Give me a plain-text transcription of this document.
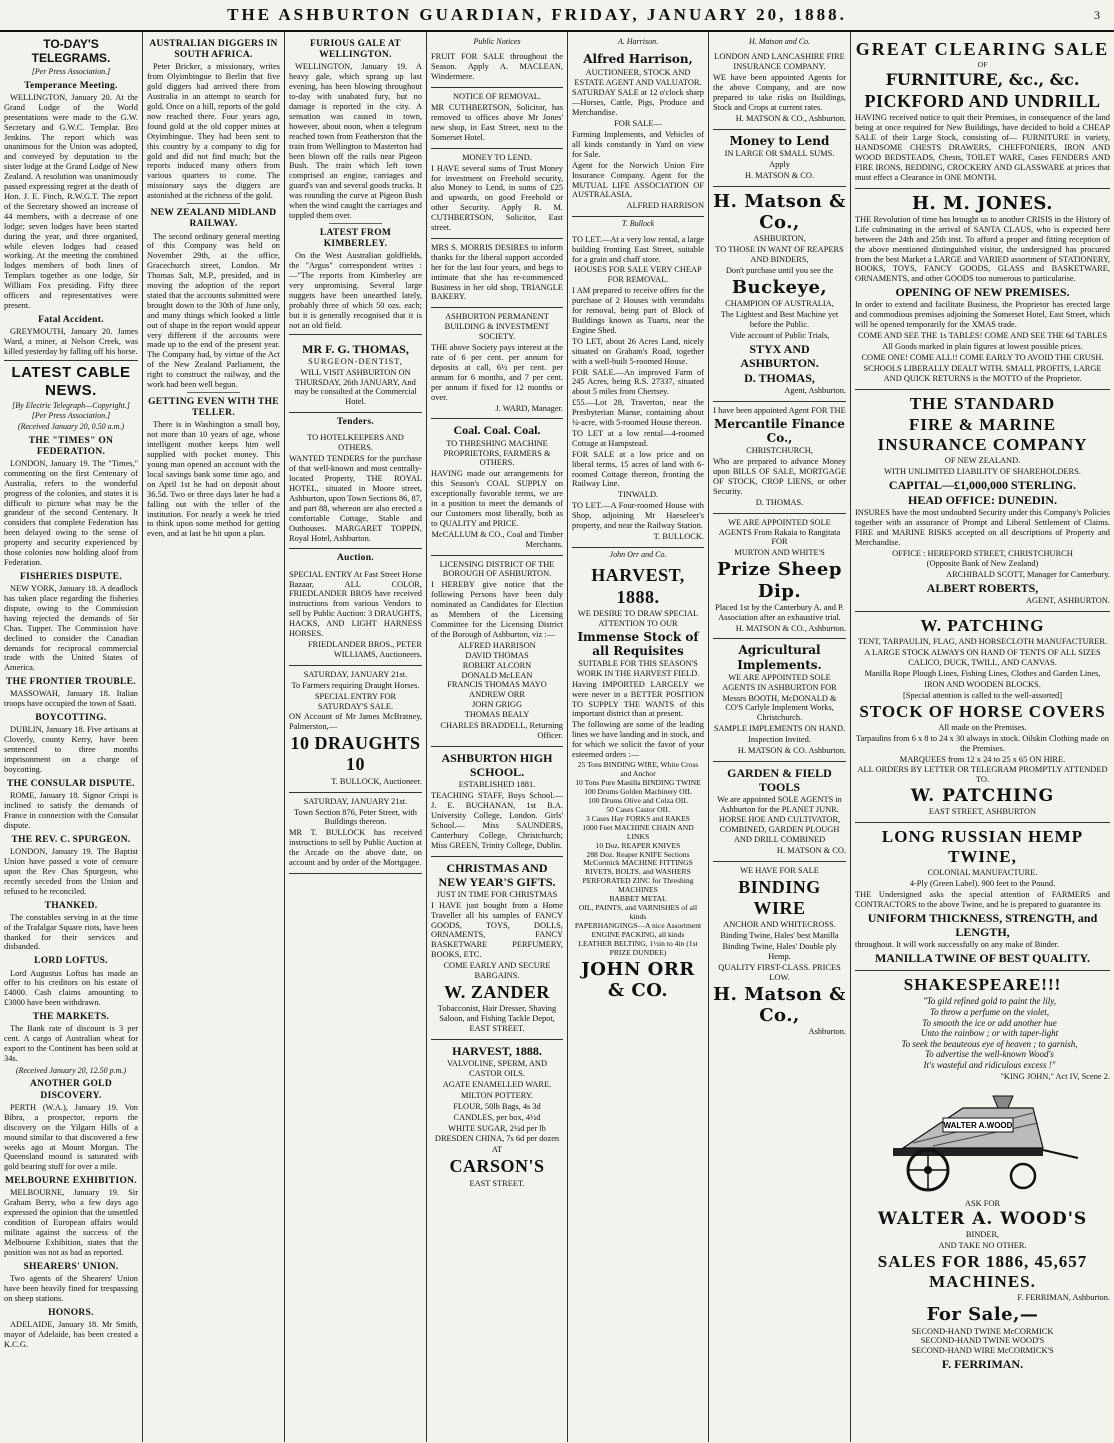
THE ASHBURTON GUARDIAN, FRIDAY, JANUARY 20, 1888.	3
TO-DAY'S TELEGRAMS.
[Per Press Association.]
Temperance Meeting.

WELLINGTON, January 20. At the Grand Lodge of the World presentations were made to the G.W. Secretary and G.W.C. Templar. Bro Jenkins. The report which was unanimous for the Union was adopted, and conveyed by deputation to the sister lodge at the Grand Lodge of New Zealand. A resolution was unanimously passed expressing regret at the death of Hon. J. E. Finch, R.W.G.T. The report of the Secretary showed an increase of 44 members, with a decrease of one lodge; seven lodges have been started during the year, and three organised, while eleven lodges had ceased working. At the meeting the combined lodges members of both lines of Templars together as one lodge, Sir William Fox presiding. Fifty three officers and representatives were present.

Fatal Accident.

GREYMOUTH, January 20. James Ward, a miner, at Nelson Creek, was killed yesterday by falling off his horse.

LATEST CABLE NEWS.
[By Electric Telegraph—Copyright.] [Per Press Association.]
(Received January 20, 0.50 a.m.)
THE "TIMES" ON FEDERATION.

LONDON, January 19. The "Times," commenting on the first Centenary of Australia, refers to the wonderful progress of the colonies, and states it is difficult to picture what may be the grandeur of the second Centenary. It considers that complete Federation has been delayed owing to the sense of property and security experienced by those colonies now holding aloof from Federation.

FISHERIES DISPUTE.

NEW YORK, January 18. A deadlock has taken place regarding the fisheries dispute, owing to the Commission having rejected the demands of Sir Chas. Tupper. The Commission have declined to consider the Canadian demands for reciprocal commercial trade with the United States of America.

THE FRONTIER TROUBLE.

MASSOWAH, January 18. Italian troops have occupied the town of Saati.

BOYCOTTING.

DUBLIN, January 18. Five artisans at Cloverly, county Kerry, have been sentenced to three months imprisonment on a charge of boycotting.

THE CONSULAR DISPUTE.

ROME, January 18. Signor Crispi is inclined to satisfy the demands of France in connection with the Consular dispute.

THE REV. C. SPURGEON.

LONDON, January 19. The Baptist Union have passed a vote of censure upon the Rev Chas Spurgeon, who recently seceded from the Union and refused to be reconciled.

THANKED.

The constables serving in at the time of the Trafalgar Square riots, have been thanked for their services and disbanded.

LORD LOFTUS.

Lord Augustus Loftus has made an offer to his creditors on his estate of £4000. Cash claims amounting to £3000 have been withdrawn.

THE MARKETS.

The Bank rate of discount is 3 per cent. A cargo of Australian wheat for export to the Continent has been sold at 34s.

(Received January 20, 12.50 p.m.)
ANOTHER GOLD DISCOVERY.

PERTH (W.A.), January 19. Von Bibra, a prospector, reports the discovery on the Yilgarn Hills of a mound similar to that discovered a few weeks ago at Mount Morgan. The Queensland mound is saturated with gold bearing stuff for over a mile.

MELBOURNE EXHIBITION.

MELBOURNE, January 19. Sir Graham Berry, who a few days ago expressed the opinion that the unsettled condition of European affairs would militate against the success of the Melbourne Exhibition, states that the position was not as bad as reported.

SHEARERS' UNION.

Two agents of the Shearers' Union have been heavily fined for trespassing on sheep stations.

HONORS.

ADELAIDE, January 18. Mr Smith, mayor of Adelaide, has been created a K.C.G.

AUSTRALIAN DIGGERS IN SOUTH AFRICA.

Peter Bricker, a missionary, writes from Olyimbingue to Berlin that five gold diggers had arrived there from Australia in an attempt to search for gold. Once on a hill, reports of the gold now reached there. Four years ago, found gold at the old copper mines at Otyimbingue. They had been sent to this country by a company to dig for gold and did not find much; but the reports induced many others from various quarters to come. The missionary says the diggers are astonished at the richness of the gold.

NEW ZEALAND MIDLAND RAILWAY.

The second ordinary general meeting of this Company was held on November 29th, at the office, Gracechurch street, London. Mr Thomas Salt, M.P., presided, and in moving the adoption of the report stated that the accounts submitted were brought down to the 30th of June only, and many things which looked a little out of shape in the report would appear very different if the accounts were made up to the end of the present year. The Company had, by virtue of the Act of the New Zealand Parliament, the right to construct the railway, and the work had been well begun.

GETTING EVEN WITH THE TELLER.

There is in Washington a small boy, not more than 10 years of age, whose intelligent mother keeps him well supplied with pocket money. This young man opened an account with the local savings bank some time ago, and on April 1st he had on deposit about 36.5d. Two or three days later he had a falling out with the teller of the institution. For nearly a week he tried to think upon some method for getting even, and at last he hit upon a plan.

FURIOUS GALE AT WELLINGTON.

WELLINGTON, January 19. A heavy gale, which sprang up last evening, has been blowing throughout to-day with unabated fury, but no damage is reported in the city. A sensation was caused in town, however, about noon, when a telegram reached town from Featherston that the train from Wellington to Masterton had been blown off the rails near Pigeon Bush. The train which left town comprised an engine, carriages and guard's van and several goods trucks. It was rounding the curve at Pigeon Bush when the wind caught the carriages and toppled them over.

LATEST FROM KIMBERLEY.

On the West Australian goldfields, the "Argus" correspondent writes :—"The reports from Kimberley are very unpromising. Several large nuggets have been unearthed lately, probably three of which 50 ozs. each; but it is generally recognised that it is not an old field.

MR F. G. THOMAS,

SURGEON-DENTIST,

WILL VISIT ASHBURTON ON THURSDAY, 26th JANUARY, And may be consulted at the Commercial Hotel.

Tenders.

TO HOTELKEEPERS AND OTHERS.

WANTED TENDERS for the purchase of that well-known and most centrally-located Property, THE ROYAL HOTEL, situated in Moore street, Ashburton, upon Town Sections 86, 87, and part 88, whereon are also erected a comfortable Cottage, Stable and Outhouses. MARGARET TOPPIN, Royal Hotel, Ashburton.

Auction.

SPECIAL ENTRY At Fast Street Horse Bazaar, ALL COLOR, FRIEDLANDER BROS have received instructions from various Vendors to sell by Public Auction: 3 DRAUGHTS, HACKS, AND LIGHT HARNESS HORSES.

FRIEDLANDER BROS., PETER WILLIAMS, Auctioneers.

SATURDAY, JANUARY 21st.

To Farmers requiring Draught Horses.

SPECIAL ENTRY FOR SATURDAY'S SALE.

ON Account of Mr James McBratney, Palmerston,—

10 DRAUGHTS 10

T. BULLOCK, Auctioneer.

SATURDAY, JANUARY 21st.

Town Section 876, Peter Street, with Buildings thereon.

MR T. BULLOCK has received instructions to sell by Public Auction at the Arcade on the above date, on account and by order of the Mortgagee.

Public Notices

FRUIT FOR SALE throughout the Season. Apply A. MACLEAN, Windermere.

NOTICE OF REMOVAL.

MR CUTHBERTSON, Solicitor, has removed to offices above Mr Jones' new shop, in East Street, next to the Somerset Hotel.

MONEY TO LEND.

I HAVE several sums of Trust Money for investment on Freehold security, also Money to Lend, in sums of £25 and upwards, on good Freehold or other Security. Apply R. M. CUTHBERTSON, Solicitor, East street.

MRS S. MORRIS DESIRES to inform thanks for the liberal support accorded her for the last four years, and begs to intimate that she has re-commenced Business in her old shop, TRIANGLE BAKERY.

ASHBURTON PERMANENT BUILDING & INVESTMENT SOCIETY.

THE above Society pays interest at the rate of 6 per cent. per annum for deposits at call, 6½ per cent. per annum for 6 months, and 7 per cent. per annum if fixed for 12 months or over.

J. WARD, Manager.

Coal. Coal. Coal.

TO THRESHING MACHINE PROPRIETORS, FARMERS & OTHERS.

HAVING made our arrangements for this Season's COAL SUPPLY on exceptionally favorable terms, we are in a position to meet the demands of our Customers most liberally, both as to QUALITY and PRICE.

McCALLUM & CO., Coal and Timber Merchants.

LICENSING DISTRICT OF THE BOROUGH OF ASHBURTON.

I HEREBY give notice that the following Persons have been duly nominated as Candidates for Election as Members of the Licensing Committee for the Licensing District of the Borough of Ashburton, viz :—

ALFRED HARRISON

DAVID THOMAS

ROBERT ALCORN

DONALD McLEAN

FRANCIS THOMAS MAYO

ANDREW ORR

JOHN GRIGG

THOMAS BEALY

CHARLES BRADDELL, Returning Officer.

ASHBURTON HIGH SCHOOL.

ESTABLISHED 1881.

TEACHING STAFF, Boys School.— J. E. BUCHANAN, 1st B.A. University College, London. Girls' School.— Miss SAUNDERS, Canterbury College, Christchurch; Miss GREEN, Trinity College, Dublin.

CHRISTMAS AND NEW YEAR'S GIFTS.

JUST IN TIME FOR CHRISTMAS

I HAVE just bought from a Home Traveller all his samples of FANCY GOODS, TOYS, DOLLS, ORNAMENTS, FANCY BASKETWARE PERFUMERY, BOOKS, ETC.

COME EARLY AND SECURE BARGAINS.

W. ZANDER

Tobacconist, Hair Dresser, Shaving Saloon, and Fishing Tackle Depot, EAST STREET.

HARVEST, 1888.

VALVOLINE, SPERM, AND CASTOR OILS.

AGATE ENAMELLED WARE.

MILTON POTTERY.

FLOUR, 50lb Bags, 4s 3d

CANDLES, per box, 4½d

WHITE SUGAR, 2¼d per lb

DRESDEN CHINA, 7s 6d per dozen

AT

CARSON'S

EAST STREET.

A. Harrison.

Alfred Harrison,

AUCTIONEER, STOCK AND ESTATE AGENT AND VALUATOR.

SATURDAY SALE at 12 o'clock sharp —Horses, Cattle, Pigs, Produce and Merchandise.

FOR SALE—

Farming Implements, and Vehicles of all kinds constantly in Yard on view for Sale.

Agent for the Norwich Union Fire Insurance Company. Agent for the MUTUAL LIFE ASSOCIATION OF AUSTRALASIA.

ALFRED HARRISON

T. Bullock

TO LET.—At a very low rental, a large building fronting East Street, suitable for a grain and chaff store.

HOUSES FOR SALE VERY CHEAP FOR REMOVAL.

I AM prepared to receive offers for the purchase of 2 Houses with verandahs for removal, being part of Block of Buildings known as Tuarts, near the Engine Shed.

TO LET, about 26 Acres Land, nicely situated on Graham's Road, together with a well-built 5-roomed House.

FOR SALE.—An improved Farm of 245 Acres, being R.S. 27337, situated about 5 miles from Chertsey.

£55.—Lot 28, Traverton, near the Presbyterian Manse, containing about ¼-acre, with 5-roomed House thereon.

TO LET at a low rental—4-roomed Cottage at Hampstead.

FOR SALE at a low price and on liberal terms, 15 acres of land with 6-roomed Cottage thereon, fronting the Railway Line.

TINWALD.

TO LET.—A Four-roomed House with Shop, adjoining Mr Haeseleer's property, and near the Railway Station.

T. BULLOCK.

John Orr and Co.

HARVEST, 1888.

WE DESIRE TO DRAW SPECIAL ATTENTION TO OUR

Immense Stock of all Requisites

SUITABLE FOR THIS SEASON'S WORK IN THE HARVEST FIELD.

Having IMPORTED LARGELY we were never in a BETTER POSITION TO SUPPLY THE WANTS of this important district than at present.

The following are some of the leading lines we have landing and in stock, and for which we solicit the favor of your esteemed orders :—

25 Tons BINDING WIRE, White Cross and Anchor

10 Tons Pure Manilla BINDING TWINE

100 Drums Golden Machinery OIL

100 Drums Olive and Colza OIL

50 Cases Castor OIL

3 Cases Hay FORKS and RAKES

1000 Feet MACHINE CHAIN AND LINKS

10 Doz. REAPER KNIVES

288 Doz. Reaper KNIFE Sections

McCormick MACHINE FITTINGS

RIVETS, BOLTS, and WASHERS

PERFORATED ZINC for Threshing MACHINES

BABBET METAL

OIL, PAINTS, and VARNISHES of all kinds

PAPERHANGINGS—A nice Assortment

ENGINE PACKING, all kinds

LEATHER BELTING, 1½in to 4in (1st PRIZE DUNDEE)

JOHN ORR & CO.

H. Matson and Co.

LONDON AND LANCASHIRE FIRE INSURANCE COMPANY.

WE have been appointed Agents for the above Company, and are now prepared to take risks on Buildings, Stock and Crops at current rates.

H. MATSON & CO., Ashburton.

Money to Lend

IN LARGE OR SMALL SUMS.

Apply

H. MATSON & CO.

H. Matson & Co.,

ASHBURTON,

TO THOSE IN WANT OF REAPERS AND BINDERS,

Don't purchase until you see the

Buckeye,

CHAMPION OF AUSTRALIA,

The Lightest and Best Machine yet before the Public.

Vide account of Public Trials,

STYX AND ASHBURTON.

D. THOMAS,

Agent, Ashburton.

I have been appointed Agent FOR THE

Mercantile Finance Co.,

CHRISTCHURCH,

Who are prepared to advance Money upon BILLS OF SALE, MORTGAGE OF STOCK, CROP LIENS, or other Security.

D. THOMAS.

WE ARE APPOINTED SOLE AGENTS From Rakaia to Rangitata FOR

MURTON AND WHITE'S

Prize Sheep Dip.

Placed 1st by the Canterbury A. and P. Association after an exhaustive trial.

H. MATSON & CO., Ashburton.

Agricultural Implements.

WE ARE APPOINTED SOLE AGENTS IN ASHBURTON FOR

Messrs BOOTH, McDONALD & CO'S Carlyle Implement Works, Christchurch.

SAMPLE IMPLEMENTS ON HAND.

Inspection Invited.

H. MATSON & CO. Ashburton.

GARDEN & FIELD TOOLS

We are appointed SOLE AGENTS in Ashburton for the PLANET JUNR. HORSE HOE AND CULTIVATOR, COMBINED, GARDEN PLOUGH AND DRILL COMBINED

H. MATSON & CO.

WE HAVE FOR SALE

BINDING WIRE

ANCHOR AND WHITECROSS.

Binding Twine, Hales' best Manilla

Binding Twine, Hales' Double ply Hemp.

QUALITY FIRST-CLASS. PRICES LOW.

H. Matson & Co.,

Ashburton.

GREAT CLEARING SALE

OF

FURNITURE, &c., &c.

PICKFORD AND UNDRILL

HAVING received notice to quit their Premises, in consequence of the land being at once required for New Buildings, have decided to hold a CHEAP SALE of their Large Stock, consisting of— FURNITURE in variety, HANDSOME CHESTS DRAWERS, CHEFFONIERS, IRON AND WOOD BEDSTEADS, Chests, TOILET WARE, Cases FENDERS AND FIRE IRONS, BEDDING, CROCKERY AND GLASSWARE at prices that must effect a Clearance in ONE MONTH.

H. M. JONES.

THE Revolution of time has brought us to another CRISIS in the History of Life culminating in the arrival of SANTA CLAUS, who is expected here between the 24th and 25th inst. To afford a proper and fitting reception of the above mentioned distinguished visitor, the undersigned has procured from the best Market a LARGE and VARIED assortment of STATIONERY, BOOKS, TOYS, FANCY GOODS, GLASS and BASKETWARE, ORNAMENTS, and other GOODS too numerous to particularise.

OPENING OF NEW PREMISES.

In order to extend and facilitate Business, the Proprietor has erected large and commodious premises adjoining the Somerset Hotel, East Street, which will be opened temporarily for the XMAS trade.

COME AND SEE THE 1s TABLES! COME AND SEE THE 6d TABLES

All Goods marked in plain figures at lowest possible prices.

COME ONE! COME ALL!! COME EARLY TO AVOID THE CRUSH.

SCHOOLS LIBERALLY DEALT WITH. SMALL PROFITS, LARGE AND QUICK RETURNS is the MOTTO of the Proprietor.

THE STANDARD

FIRE & MARINE INSURANCE COMPANY

OF NEW ZEALAND.

WITH UNLIMITED LIABILITY OF SHAREHOLDERS.

CAPITAL—£1,000,000 STERLING.

HEAD OFFICE: DUNEDIN.

INSURES have the most undoubted Security under this Company's Policies together with an assurance of Prompt and Liberal Settlement of Claims. FIRE and MARINE RISKS accepted on all descriptions of Property and Merchandise.

OFFICE : HEREFORD STREET, CHRISTCHURCH

(Opposite Bank of New Zealand)

ARCHIBALD SCOTT, Manager for Canterbury.

ALBERT ROBERTS,

AGENT, ASHBURTON.

W. PATCHING

TENT, TARPAULIN, FLAG, AND HORSECLOTH MANUFACTURER.

A LARGE STOCK ALWAYS ON HAND OF TENTS OF ALL SIZES CALICO, DUCK, TWILL, AND CANVAS.

Manilla Rope Plough Lines, Fishing Lines, Clothes and Garden Lines,

IRON AND WOODEN BLOCKS.

[Special attention is called to the well-assorted]

STOCK OF HORSE COVERS

All made on the Premises.

Tarpaulins from 6 x 8 to 24 x 30 always in stock. Oilskin Clothing made on the Premises.

MARQUEES from 12 x 24 to 25 x 65 ON HIRE.

ALL ORDERS BY LETTER OR TELEGRAM PROMPTLY ATTENDED TO.

W. PATCHING

EAST STREET, ASHBURTON

LONG RUSSIAN HEMP TWINE,

COLONIAL MANUFACTURE.

4-Ply (Green Label). 900 feet to the Pound.

THE Undersigned asks the special attention of FARMERS and CONTRACTORS to the above Twine, and he is prepared to guarantee its

UNIFORM THICKNESS, STRENGTH, and LENGTH,

throughout. It will work successfully on any make of Binder.

MANILLA TWINE OF BEST QUALITY.

SHAKESPEARE!!!

"To gild refined gold to paint the lily,

To throw a perfume on the violet,

To smooth the ice or add another hue

Unto the rainbow ; or with taper-light

To seek the beauteous eye of heaven ; to garnish,

To advertise the well-known Wood's

It's wasteful and ridiculous excess !"

"KING JOHN," Act IV, Scene 2.

WALTER A.WOOD

ASK FOR

WALTER A. WOOD'S

BINDER,

AND TAKE NO OTHER.

SALES FOR 1886, 45,657 MACHINES.

F. FERRIMAN, Ashburton.

For Sale,—

SECOND-HAND TWINE McCORMICK

SECOND-HAND TWINE WOOD'S

SECOND-HAND WIRE McCORMICK'S

F. FERRIMAN.
